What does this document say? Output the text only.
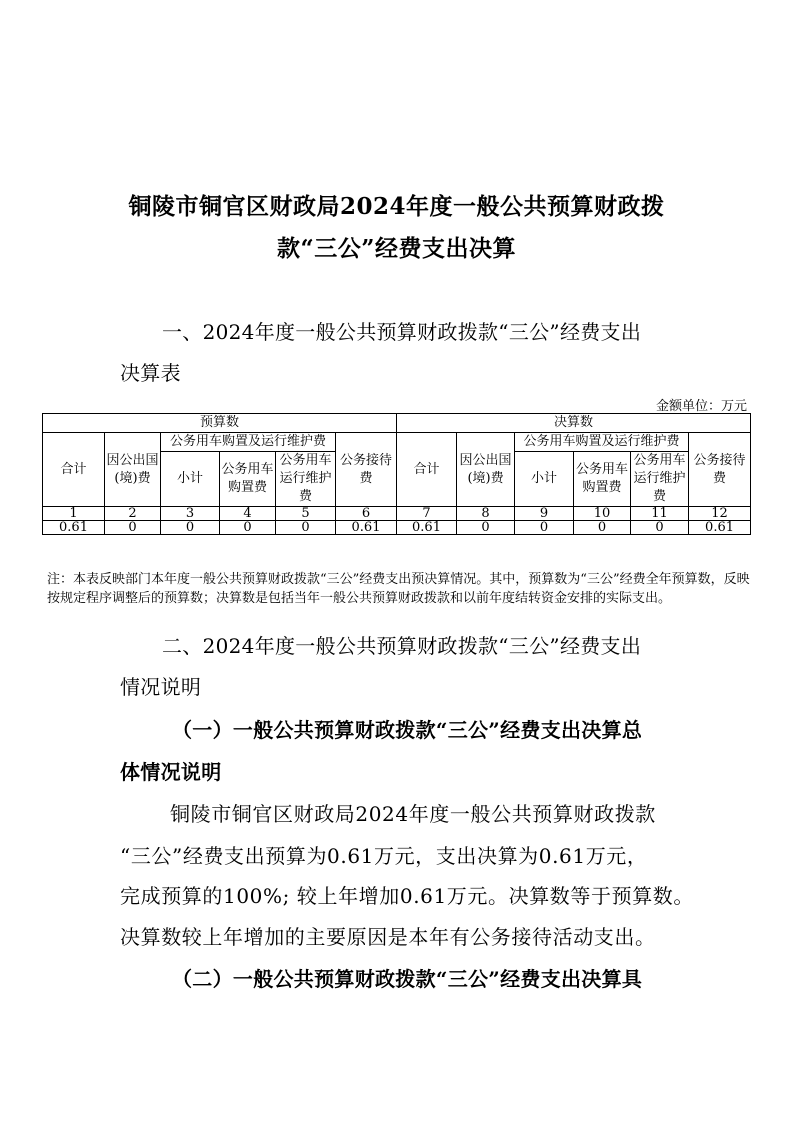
铜陵市铜官区财政局2024年度一般公共预算财政拨
款“三公”经费支出决算
一、2024年度一般公共预算财政拨款“三公”经费支出
决算表
金额单位：万元
预算数						决算数					
合计	因公出国(境)费	公务用车购置及运行维护费			公务接待费	合计	因公出国(境)费	公务用车购置及运行维护费			公务接待费
		小计	公务用车购置费	公务用车运行维护费				小计	公务用车购置费	公务用车运行维护费	
1	2	3	4	5	6	7	8	9	10	11	12
0.61	0	0	0	0	0.61	0.61	0	0	0	0	0.61
注：本表反映部门本年度一般公共预算财政拨款“三公”经费支出预决算情况。其中，预算数为“三公”经费全年预算数，反映按规定程序调整后的预算数；决算数是包括当年一般公共预算财政拨款和以前年度结转资金安排的实际支出。
二、2024年度一般公共预算财政拨款“三公”经费支出
情况说明
（一）一般公共预算财政拨款“三公”经费支出决算总
体情况说明
铜陵市铜官区财政局2024年度一般公共预算财政拨款
“三公”经费支出预算为0.61万元，支出决算为0.61万元，
完成预算的100%; 较上年增加0.61万元。决算数等于预算数。
决算数较上年增加的主要原因是本年有公务接待活动支出。
（二）一般公共预算财政拨款“三公”经费支出决算具
